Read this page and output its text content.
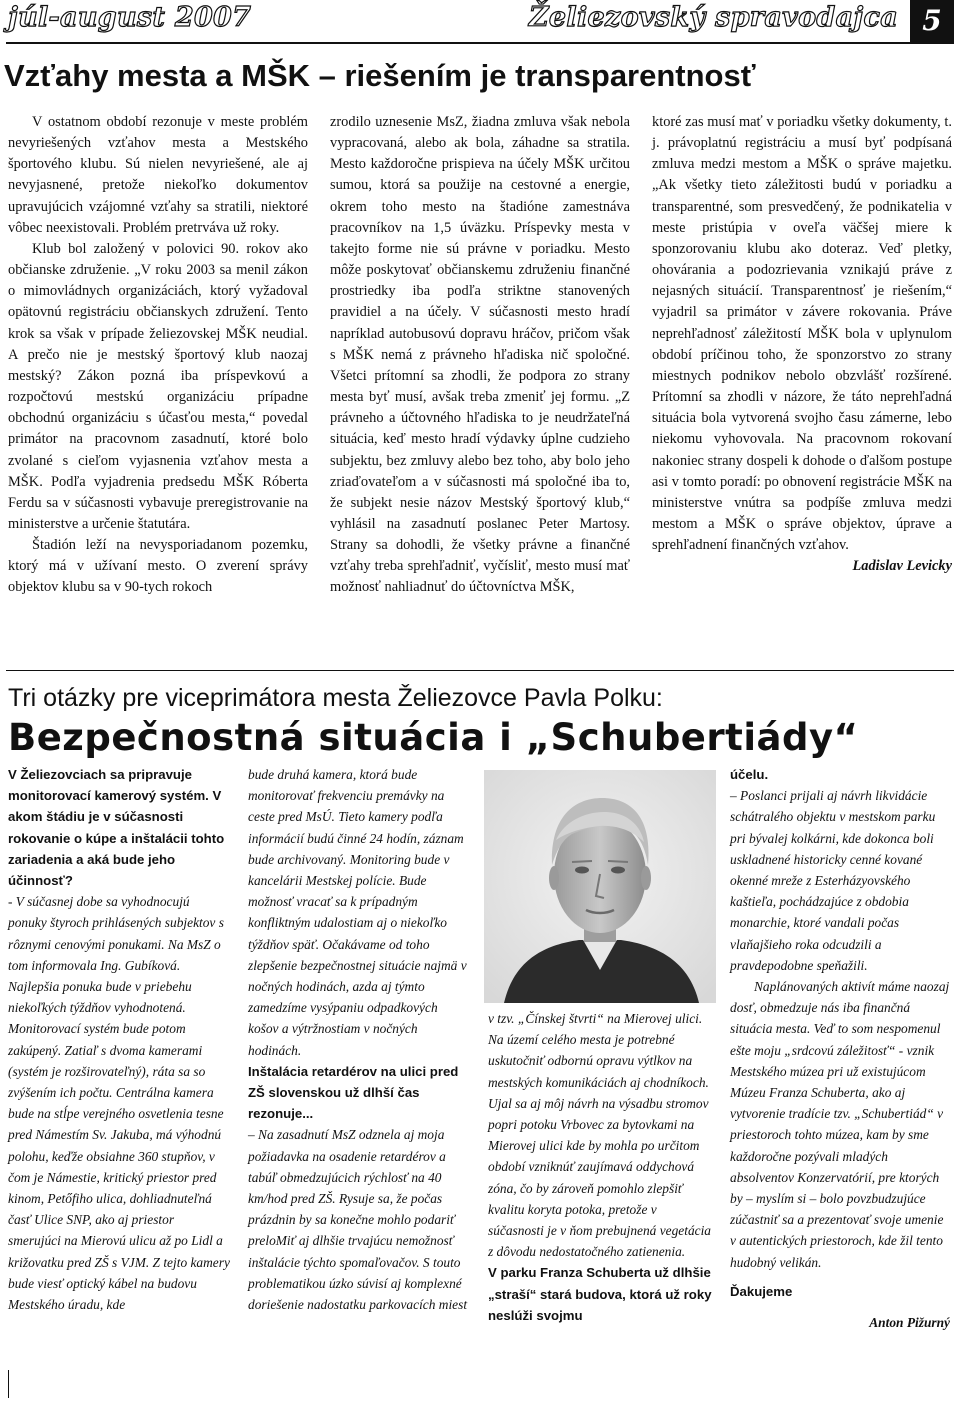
júl-august 2007	Želiezovský spravodajca 5
Vzťahy mesta a MŠK – riešením je transparentnosť

V ostatnom období rezonuje v meste problém nevyriešených vzťahov mesta a Mestského športového klubu. Sú nielen nevyriešené, ale aj nevyjasnené, pretože niekoľko dokumentov upravujúcich vzájomné vzťahy sa stratili, niektoré vôbec neexistovali. Problém pretrváva už roky.

Klub bol založený v polovici 90. rokov ako občianske združenie. „V roku 2003 sa menil zákon o mimovládnych organizáciách, ktorý vyžadoval opätovnú registráciu občianskych združení. Tento krok sa však v prípade želiezovskej MŠK neudial. A prečo nie je mestský športový klub naozaj mestský? Zákon pozná iba príspevkovú a rozpočtovú mestskú organizáciu prípadne obchodnú organizáciu s účasťou mesta,“ povedal primátor na pracovnom zasadnutí, ktoré bolo zvolané s cieľom vyjasnenia vzťahov mesta a MŠK. Podľa vyjadrenia predsedu MŠK Róberta Ferdu sa v súčasnosti vybavuje preregistrovanie na ministerstve a určenie štatutára.

Štadión leží na nevysporiadanom pozemku, ktorý má v užívaní mesto. O zverení správy objektov klubu sa v 90-tych rokoch

zrodilo uznesenie MsZ, žiadna zmluva však nebola vypracovaná, alebo ak bola, záhadne sa stratila. Mesto každoročne prispieva na účely MŠK určitou sumou, ktorá sa použije na cestovné a energie, okrem toho mesto na štadióne zamestnáva pracovníkov na 1,5 úväzku. Príspevky mesta v takejto forme nie sú právne v poriadku. Mesto môže poskytovať občianskemu združeniu finančné prostriedky iba podľa striktne stanovených pravidiel a na účely. V súčasnosti mesto hradí napríklad autobusovú dopravu hráčov, pričom však s MŠK nemá z právneho hľadiska nič spoločné. Všetci prítomní sa zhodli, že podpora zo strany mesta byť musí, avšak treba zmeniť jej formu. „Z právneho a účtovného hľadiska to je neudržateľná situácia, keď mesto hradí výdavky úplne cudzieho subjektu, bez zmluvy alebo bez toho, aby bolo jeho zriaďovateľom a v súčasnosti má spoločné iba to, že subjekt nesie názov Mestský športový klub,“ vyhlásil na zasadnutí poslanec Peter Martosy. Strany sa dohodli, že všetky právne a finančné vzťahy treba sprehľadniť, vyčísliť, mesto musí mať možnosť nahliadnuť do účtovníctva MŠK,

ktoré zas musí mať v poriadku všetky dokumenty, t. j. právoplatnú registráciu a musí byť podpísaná zmluva medzi mestom a MŠK o správe majetku. „Ak všetky tieto záležitosti budú v poriadku a transparentné, som presvedčený, že podnikatelia v meste pristúpia v oveľa väčšej miere k sponzorovaniu klubu ako doteraz. Veď pletky, ohovárania a podozrievania vznikajú práve z nejasných situácií. Transparentnosť je riešením,“ vyjadril sa primátor v závere rokovania. Práve neprehľadnosť záležitostí MŠK bola v uplynulom období príčinou toho, že sponzorstvo zo strany miestnych podnikov nebolo obzvlášť rozšírené. Prítomní sa zhodli v názore, že táto neprehľadná situácia bola vytvorená svojho času zámerne, lebo niekomu vyhovovala. Na pracovnom rokovaní nakoniec strany dospeli k dohode o ďalšom postupe asi v tomto poradí: po obnovení registrácie MŠK na ministerstve vnútra sa podpíše zmluva medzi mestom a MŠK o správe objektov, úprave a sprehľadnení finančných vzťahov.

Ladislav Levicky

Tri otázky pre viceprimátora mesta Želiezovce Pavla Polku:
Bezpečnostná situácia i „Schubertiády“

V Želiezovciach sa pripravuje monitorovací kamerový systém. V akom štádiu je v súčasnosti rokovanie o kúpe a inštalácii tohto zariadenia a aká bude jeho účinnosť?

- V súčasnej dobe sa vyhodnocujú ponuky štyroch prihlásených subjektov s rôznymi cenovými ponukami. Na MsZ o tom informovala Ing. Gubíková. Najlepšia ponuka bude v priebehu niekoľkých týždňov vyhodnotená. Monitorovací systém bude potom zakúpený. Zatiaľ s dvoma kamerami (systém je rozširovateľný), ráta sa so zvýšením ich počtu. Centrálna kamera bude na stĺpe verejného osvetlenia tesne pred Námestím Sv. Jakuba, má výhodnú polohu, keďže obsiahne 360 stupňov, v čom je Námestie, kritický priestor pred kinom, Petőfiho ulica, dohliadnuteľná časť Ulice SNP, ako aj priestor smerujúci na Mierovú ulicu až po Lidl a križovatku pred ZŠ s VJM. Z tejto kamery bude viesť optický kábel na budovu Mestského úradu, kde

bude druhá kamera, ktorá bude monitorovať frekvenciu premávky na ceste pred MsÚ. Tieto kamery podľa informácií budú činné 24 hodín, záznam bude archivovaný. Monitoring bude v kancelárii Mestskej polície. Bude možnosť vracať sa k prípadným konfliktným udalostiam aj o niekoľko týždňov späť. Očakávame od toho zlepšenie bezpečnostnej situácie najmä v nočných hodinách, azda aj týmto zamedzíme vysýpaniu odpadkových košov a výtržnostiam v nočných hodinách.

Inštalácia retardérov na ulici pred ZŠ slovenskou už dlhší čas rezonuje...

– Na zasadnutí MsZ odznela aj moja požiadavka na osadenie retardérov a tabúľ obmedzujúcich rýchlosť na 40 km/hod pred ZŠ. Rysuje sa, že počas prázdnin by sa konečne mohlo podariť preloMiť aj dlhšie trvajúcu nemožnosť inštalácie týchto spomaľovačov. S touto problematikou úzko súvisí aj komplexné doriešenie nadostatku parkovacích miest

v tzv. „Čínskej štvrti“ na Mierovej ulici. Na území celého mesta je potrebné uskutočniť odbornú opravu výtlkov na mestských komunikáciách aj chodníkoch. Ujal sa aj môj návrh na výsadbu stromov popri potoku Vrbovec za bytovkami na Mierovej ulici kde by mohla po určitom období vzniknúť zaujímavá oddychová zóna, čo by zároveň pomohlo zlepšiť kvalitu koryta potoka, pretože v súčasnosti je v ňom prebujnená vegetácia z dôvodu nedostatočného zatienenia.

V parku Franza Schuberta už dlhšie „straší“ stará budova, ktorá už roky neslúži svojmu

účelu.

– Poslanci prijali aj návrh likvidácie schátralého objektu v mestskom parku pri bývalej kolkárni, kde dokonca boli uskladnené historicky cenné kované okenné mreže z Esterházyovského kaštieľa, pochádzajúce z obdobia monarchie, ktoré vandali počas vlaňajšieho roka odcudzili a pravdepodobne speňažili.

Naplánovaných aktivít máme naozaj dosť, obmedzuje nás iba finančná situácia mesta. Veď to som nespomenul ešte moju „srdcovú záležitosť“ - vznik Mestského múzea pri už existujúcom Múzeu Franza Schuberta, ako aj vytvorenie tradície tzv. „Schubertiád“ v priestoroch tohto múzea, kam by sme každoročne pozývali mladých absolventov Konzervatórií, pre ktorých by – myslím si – bolo povzbudzujúce zúčastniť sa a prezentovať svoje umenie v autentických priestoroch, kde žil tento hudobný velikán.

Ďakujeme

Anton Pižurný
